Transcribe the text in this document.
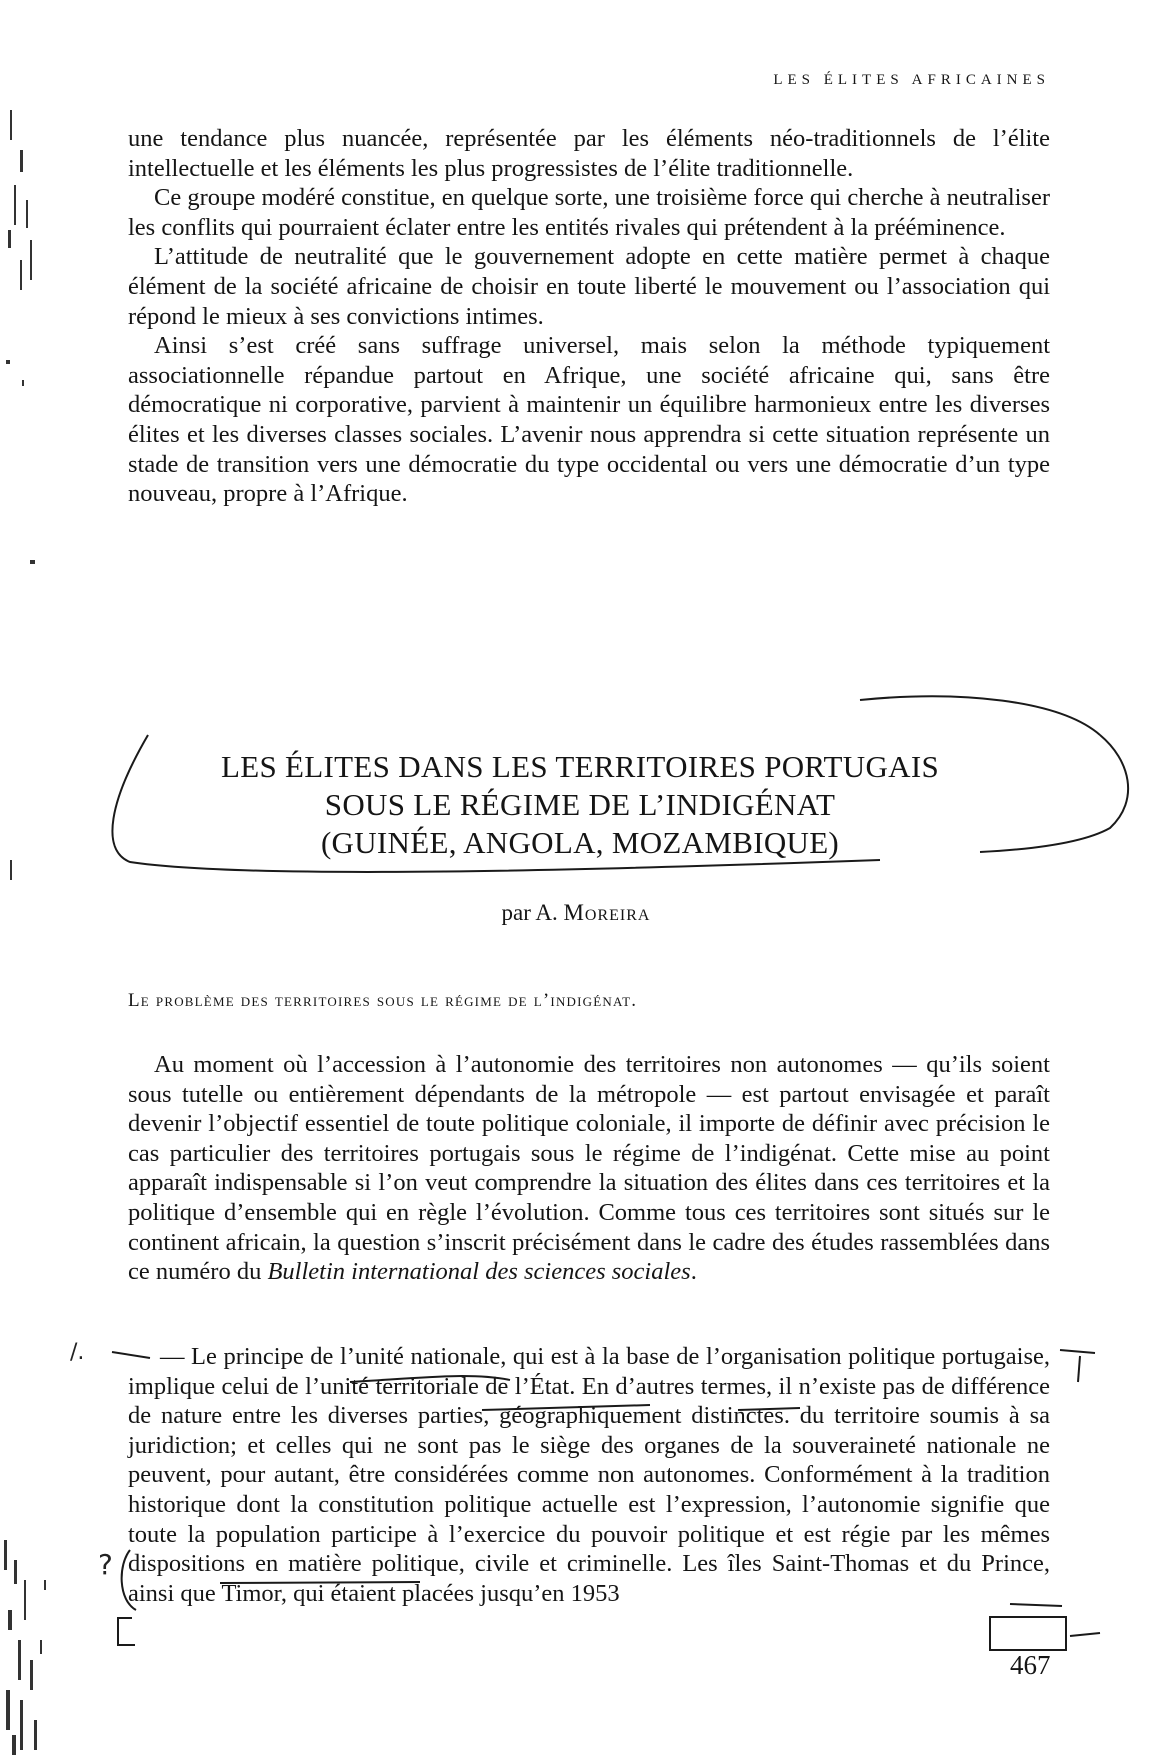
LES ÉLITES AFRICAINES

une tendance plus nuancée, représentée par les éléments néo-traditionnels de l’élite intellectuelle et les éléments les plus progressistes de l’élite traditionnelle.

Ce groupe modéré constitue, en quelque sorte, une troisième force qui cherche à neutraliser les conflits qui pourraient éclater entre les entités rivales qui prétendent à la prééminence.

L’attitude de neutralité que le gouvernement adopte en cette matière permet à chaque élément de la société africaine de choisir en toute liberté le mouvement ou l’association qui répond le mieux à ses convictions intimes.

Ainsi s’est créé sans suffrage universel, mais selon la méthode typiquement associationnelle répandue partout en Afrique, une société africaine qui, sans être démocratique ni corporative, parvient à maintenir un équilibre harmonieux entre les diverses élites et les diverses classes sociales. L’avenir nous apprendra si cette situation représente un stade de transition vers une démocratie du type occidental ou vers une démocratie d’un type nouveau, propre à l’Afrique.

LES ÉLITES DANS LES TERRITOIRES PORTUGAIS
SOUS LE RÉGIME DE L’INDIGÉNAT
(GUINÉE, ANGOLA, MOZAMBIQUE)
par A. Moreira
Le problème des territoires sous le régime de l’indigénat.

Au moment où l’accession à l’autonomie des territoires non autonomes — qu’ils soient sous tutelle ou entièrement dépendants de la métropole — est partout envisagée et paraît devenir l’objectif essentiel de toute politique coloniale, il importe de définir avec précision le cas particulier des territoires portugais sous le régime de l’indigénat. Cette mise au point apparaît indispensable si l’on veut comprendre la situation des élites dans ces territoires et la politique d’ensemble qui en règle l’évolution. Comme tous ces territoires sont situés sur le continent africain, la question s’inscrit précisément dans le cadre des études rassemblées dans ce numéro du Bulletin international des sciences sociales.

— Le principe de l’unité nationale, qui est à la base de l’organisation politique portugaise, implique celui de l’unité territoriale de l’État. En d’autres termes, il n’existe pas de différence de nature entre les diverses parties, géographiquement distinctes. du territoire soumis à sa juridiction; et celles qui ne sont pas le siège des organes de la souveraineté nationale ne peuvent, pour autant, être considérées comme non autonomes. Conformément à la tradition historique dont la constitution politique actuelle est l’expression, l’autonomie signifie que toute la population participe à l’exercice du pouvoir politique et est régie par les mêmes dispositions en matière politique, civile et criminelle. Les îles Saint-Thomas et du Prince, ainsi que Timor, qui étaient placées jusqu’en 1953

/.
?
467
